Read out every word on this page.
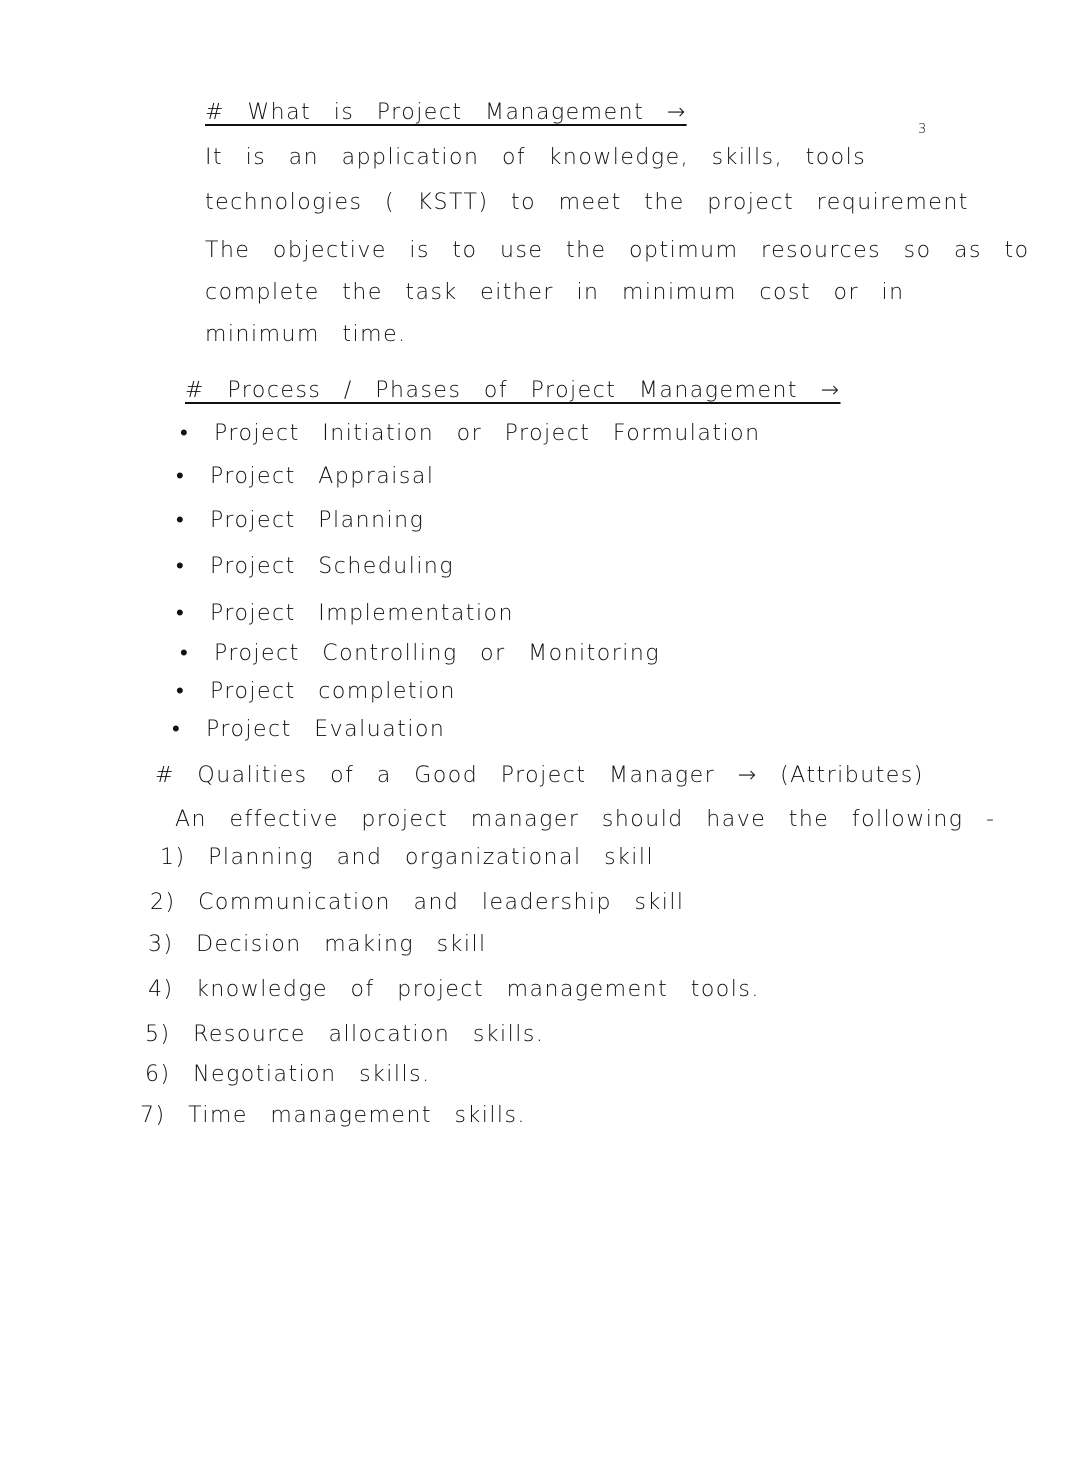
3
# What is Project Management →
It is an application of knowledge, skills, tools
technologies ( KSTT) to meet the project requirement
The objective is to use the optimum resources so as to
complete the task either in minimum cost or in
minimum time.
# Process / Phases of Project Management →
• Project Initiation or Project Formulation
• Project Appraisal
• Project Planning
• Project Scheduling
• Project Implementation
• Project Controlling or Monitoring
• Project completion
• Project Evaluation
# Qualities of a Good Project Manager → (Attributes)
An effective project manager should have the following -
1) Planning and organizational skill
2) Communication and leadership skill
3) Decision making skill
4) knowledge of project management tools.
5) Resource allocation skills.
6) Negotiation skills.
7) Time management skills.
